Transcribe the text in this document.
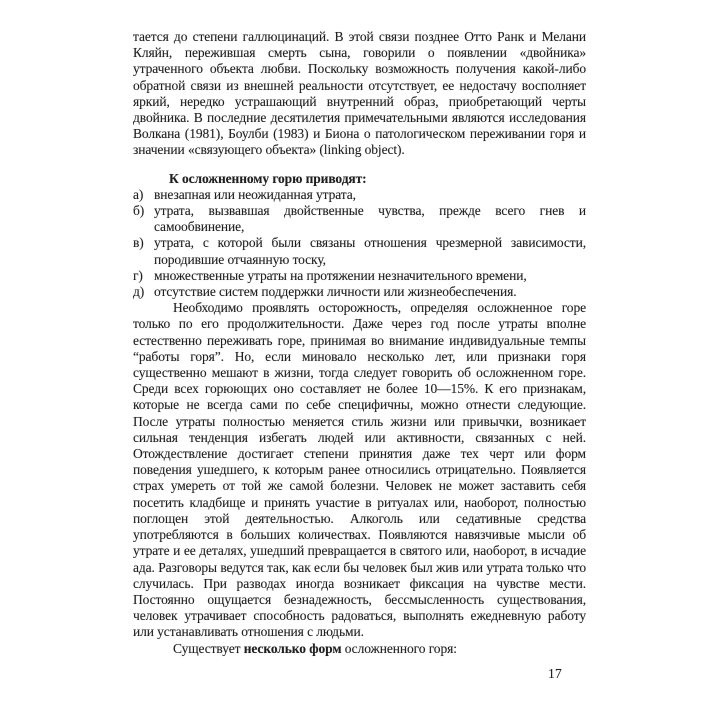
тается до степени галлюцинаций. В этой связи позднее Отто Ранк и Мелани Кляйн, пережившая смерть сына, говорили о появлении «двойника» утраченного объекта любви. Поскольку возможность получения какой-либо обратной связи из внешней реальности отсутствует, ее недостачу восполняет яркий, нередко устрашающий внутренний образ, приобретающий черты двойника. В последние десятилетия примечательными являются исследования Волкана (1981), Боулби (1983) и Биона о патологическом переживании горя и значении «связующего объекта» (linking object).

К осложненному горю приводят:

а) внезапная или неожиданная утрата,
б) утрата, вызвавшая двойственные чувства, прежде всего гнев и самообвинение,
в) утрата, с которой были связаны отношения чрезмерной зависимости, породившие отчаянную тоску,
г) множественные утраты на протяжении незначительного времени,
д) отсутствие систем поддержки личности или жизнеобеспечения.

Необходимо проявлять осторожность, определяя осложненное горе только по его продолжительности. Даже через год после утраты вполне естественно переживать горе, принимая во внимание индивидуальные темпы “работы горя”. Но, если миновало несколько лет, или признаки горя существенно мешают в жизни, тогда следует говорить об осложненном горе. Среди всех горюющих оно составляет не более 10—15%. К его признакам, которые не всегда сами по себе специфичны, можно отнести следующие. После утраты полностью меняется стиль жизни или привычки, возникает сильная тенденция избегать людей или активности, связанных с ней. Отождествление достигает степени принятия даже тех черт или форм поведения ушедшего, к которым ранее относились отрицательно. Появляется страх умереть от той же самой болезни. Человек не может заставить себя посетить кладбище и принять участие в ритуалах или, наоборот, полностью поглощен этой деятельностью. Алкоголь или седативные средства употребляются в больших количествах. Появляются навязчивые мысли об утрате и ее деталях, ушедший превращается в святого или, наоборот, в исчадие ада. Разговоры ведутся так, как если бы человек был жив или утрата только что случилась. При разводах иногда возникает фиксация на чувстве мести. Постоянно ощущается безнадежность, бессмысленность существования, человек утрачивает способность радоваться, выполнять ежедневную работу или устанавливать отношения с людьми.

Существует несколько форм осложненного горя:

17
